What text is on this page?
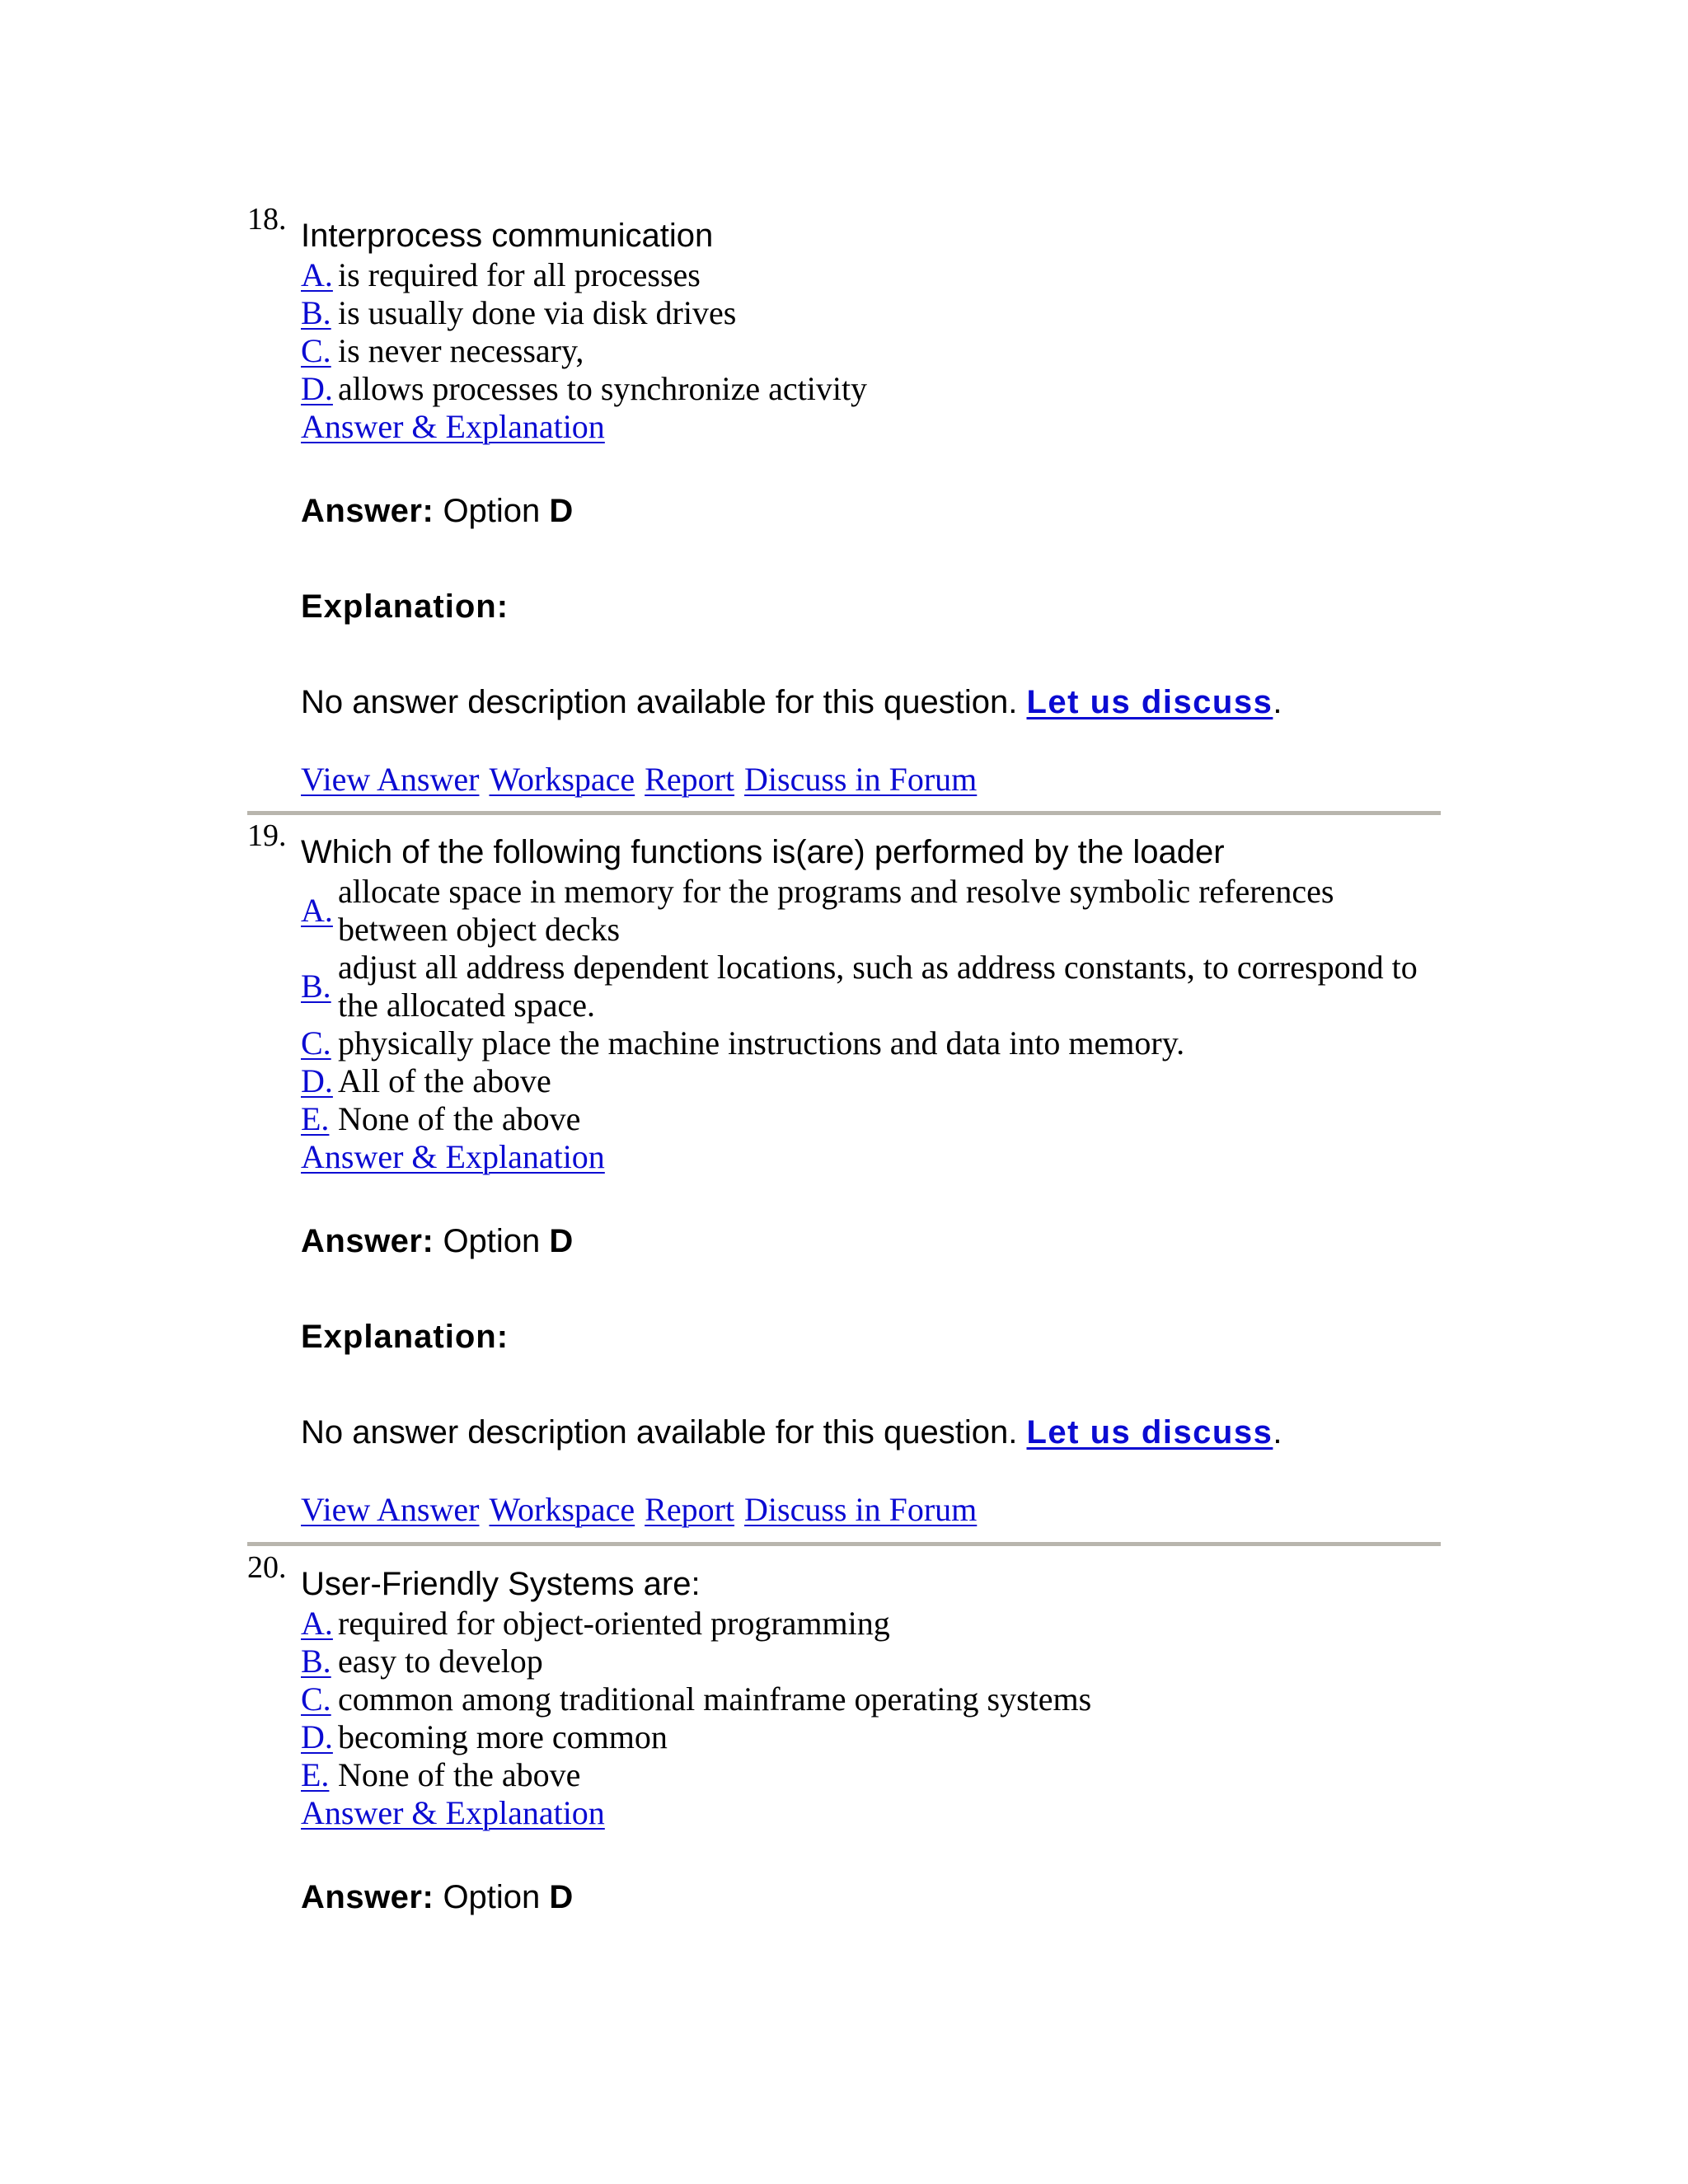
18. Interprocess communication
A. is required for all processes
B. is usually done via disk drives
C. is never necessary,
D. allows processes to synchronize activity
Answer & Explanation
Answer: Option D
Explanation:
No answer description available for this question. Let us discuss.
View Answer Workspace Report Discuss in Forum
19. Which of the following functions is(are) performed by the loader
A.
allocate space in memory for the programs and resolve symbolic references between object decks
B.
adjust all address dependent locations, such as address constants, to correspond to the allocated space.
C. physically place the machine instructions and data into memory.
D. All of the above
E. None of the above
Answer & Explanation
Answer: Option D
Explanation:
No answer description available for this question. Let us discuss.
View Answer Workspace Report Discuss in Forum
20. User-Friendly Systems are:
A. required for object-oriented programming
B. easy to develop
C. common among traditional mainframe operating systems
D. becoming more common
E. None of the above
Answer & Explanation
Answer: Option D
